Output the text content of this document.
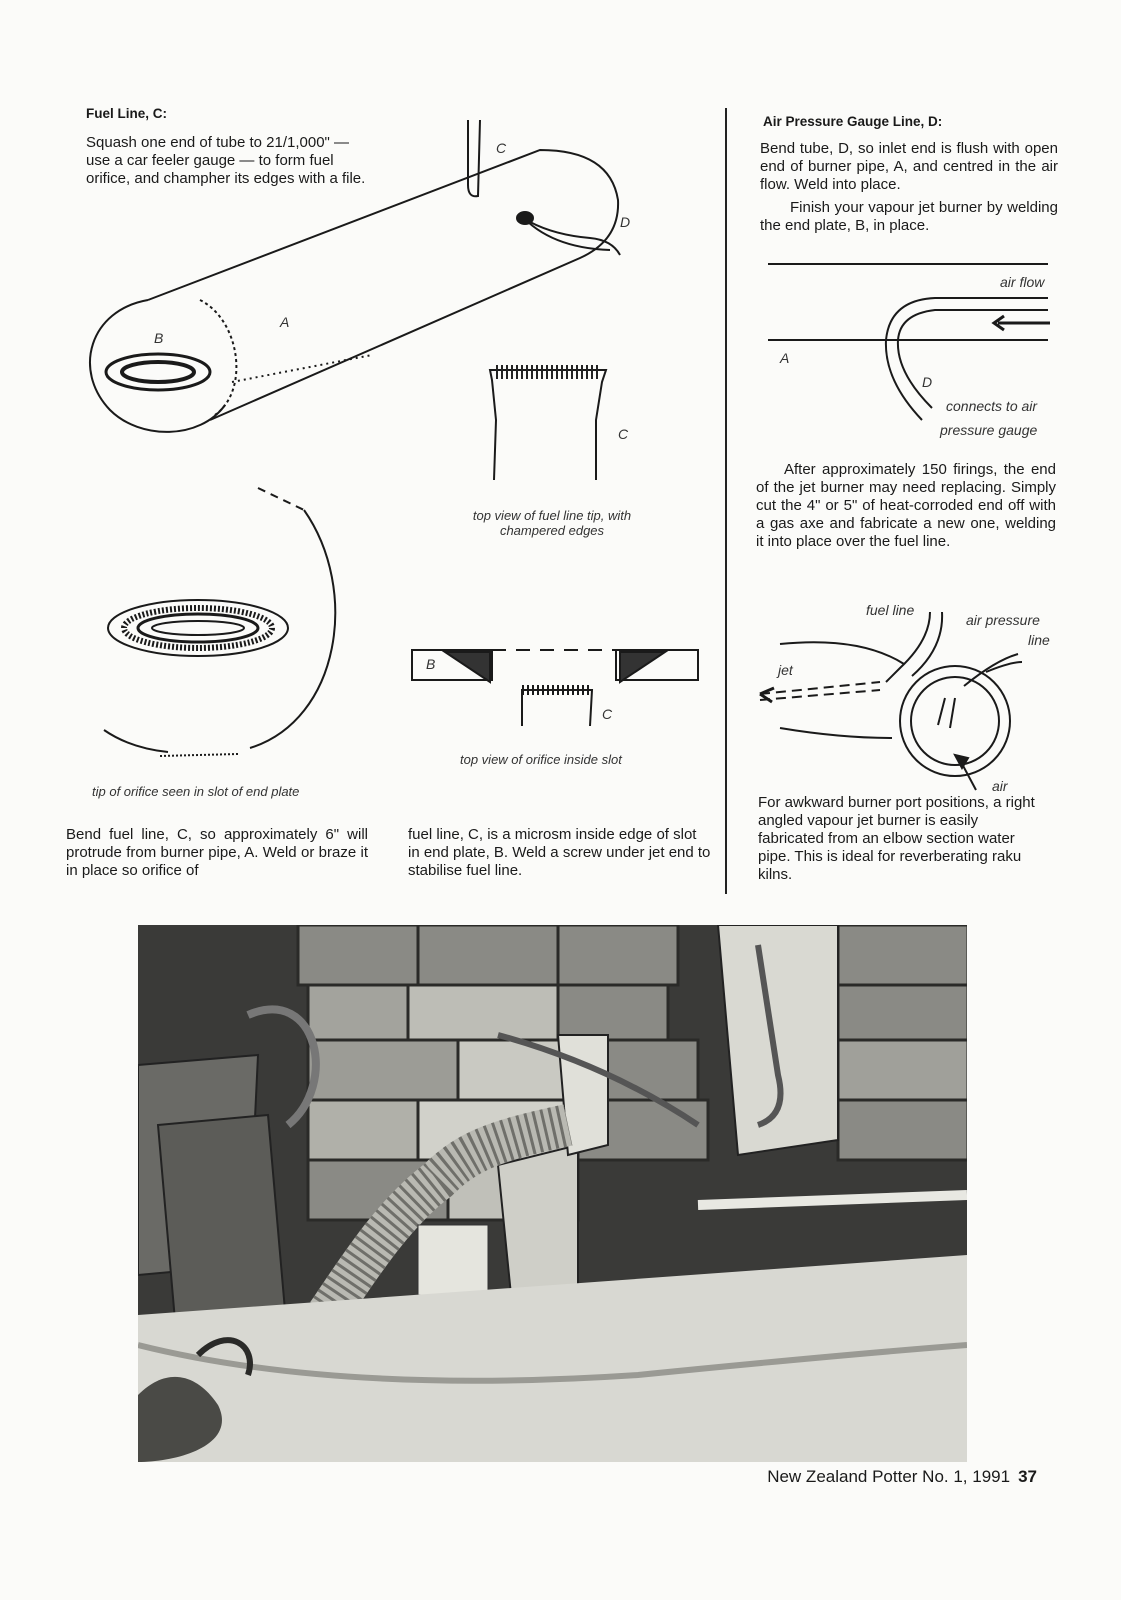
Fuel Line, C:
Squash one end of tube to 21/1,000" — use a car feeler gauge — to form fuel orifice, and champher its edges with a file.
C
D
A
B
C
top view of fuel line tip, with champered edges
B
C
top view of orifice inside slot
tip of orifice seen in slot of end plate
Bend fuel line, C, so approximately 6" will protrude from burner pipe, A. Weld or braze it in place so orifice of
fuel line, C, is a microsm inside edge of slot in end plate, B. Weld a screw under jet end to stabilise fuel line.
Air Pressure Gauge Line, D:
Bend tube, D, so inlet end is flush with open end of burner pipe, A, and centred in the air flow. Weld into place.
Finish your vapour jet burner by welding the end plate, B, in place.
air flow
A
D
connects to air
pressure gauge
After approximately 150 firings, the end of the jet burner may need replacing. Simply cut the 4" or 5" of heat-corroded end off with a gas axe and fabricate a new one, welding it into place over the fuel line.
fuel line
air pressure
line
jet
air
For awkward burner port positions, a right angled vapour jet burner is easily fabricated from an elbow section water pipe. This is ideal for reverberating raku kilns.
New Zealand Potter No. 1, 1991 37
